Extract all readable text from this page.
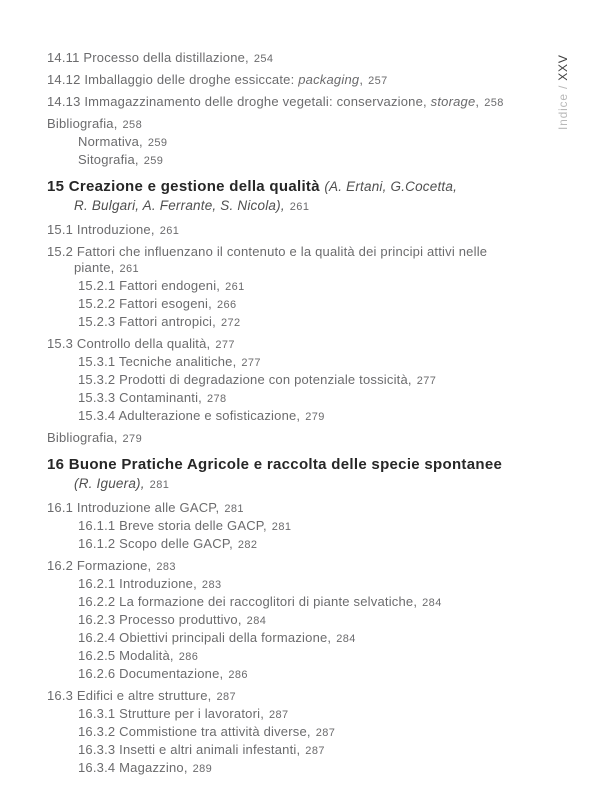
14.11 Processo della distillazione, 254
14.12 Imballaggio delle droghe essiccate: packaging, 257
14.13 Immagazzinamento delle droghe vegetali: conservazione, storage, 258
Bibliografia, 258
Normativa, 259
Sitografia, 259
15 Creazione e gestione della qualità (A. Ertani, G.Cocetta,
R. Bulgari, A. Ferrante, S. Nicola), 261
15.1 Introduzione, 261
15.2 Fattori che influenzano il contenuto e la qualità dei principi attivi nelle
piante, 261
15.2.1 Fattori endogeni, 261
15.2.2 Fattori esogeni, 266
15.2.3 Fattori antropici, 272
15.3 Controllo della qualità, 277
15.3.1 Tecniche analitiche, 277
15.3.2 Prodotti di degradazione con potenziale tossicità, 277
15.3.3 Contaminanti, 278
15.3.4 Adulterazione e sofisticazione, 279
Bibliografia, 279
16 Buone Pratiche Agricole e raccolta delle specie spontanee
(R. Iguera), 281
16.1 Introduzione alle GACP, 281
16.1.1 Breve storia delle GACP, 281
16.1.2 Scopo delle GACP, 282
16.2 Formazione, 283
16.2.1 Introduzione, 283
16.2.2 La formazione dei raccoglitori di piante selvatiche, 284
16.2.3 Processo produttivo, 284
16.2.4 Obiettivi principali della formazione, 284
16.2.5 Modalità, 286
16.2.6 Documentazione, 286
16.3 Edifici e altre strutture, 287
16.3.1 Strutture per i lavoratori, 287
16.3.2 Commistione tra attività diverse, 287
16.3.3 Insetti e altri animali infestanti, 287
16.3.4 Magazzino, 289
Indice / XXV
